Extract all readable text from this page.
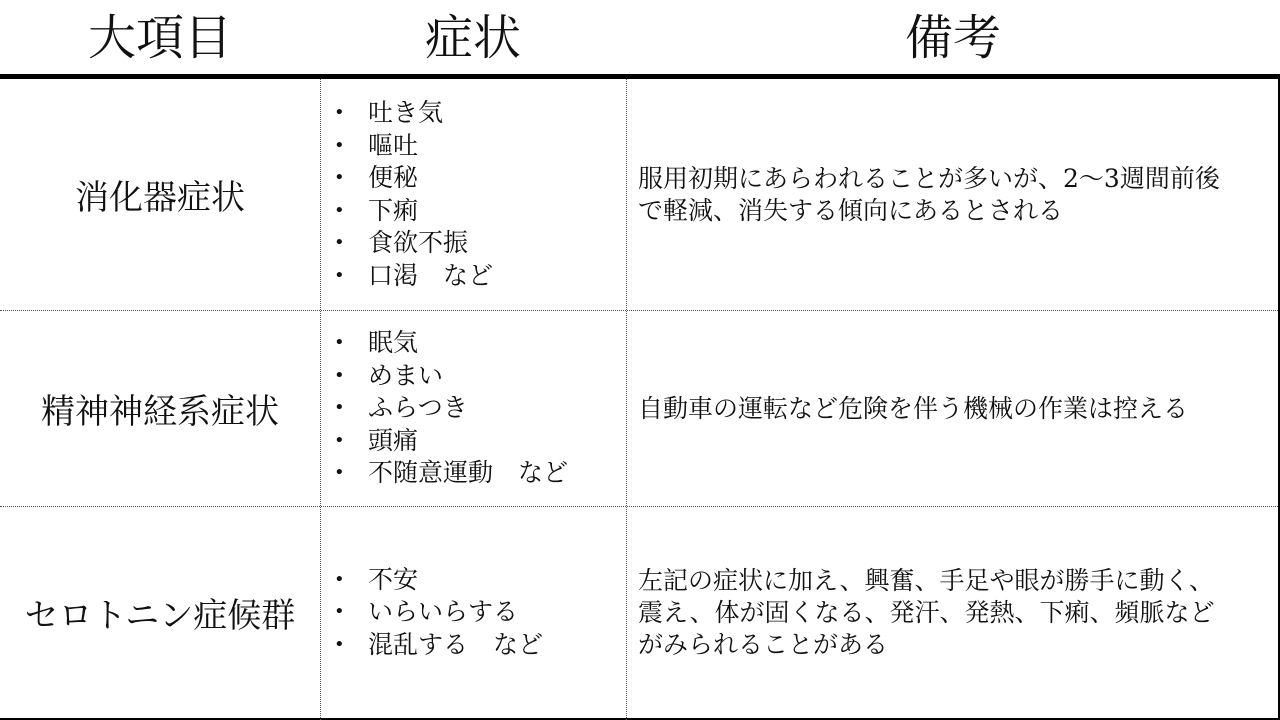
大項目	症状	備考
消化器症状
• 吐き気
• 嘔吐
• 便秘
• 下痢
• 食欲不振
• 口渇　など
服用初期にあらわれることが多いが、2～3週間前後
で軽減、消失する傾向にあるとされる
精神神経系症状
• 眠気
• めまい
• ふらつき
• 頭痛
• 不随意運動　など
自動車の運転など危険を伴う機械の作業は控える
セロトニン症候群
• 不安
• いらいらする
• 混乱する　など
左記の症状に加え、興奮、手足や眼が勝手に動く、
震え、体が固くなる、発汗、発熱、下痢、頻脈など
がみられることがある
